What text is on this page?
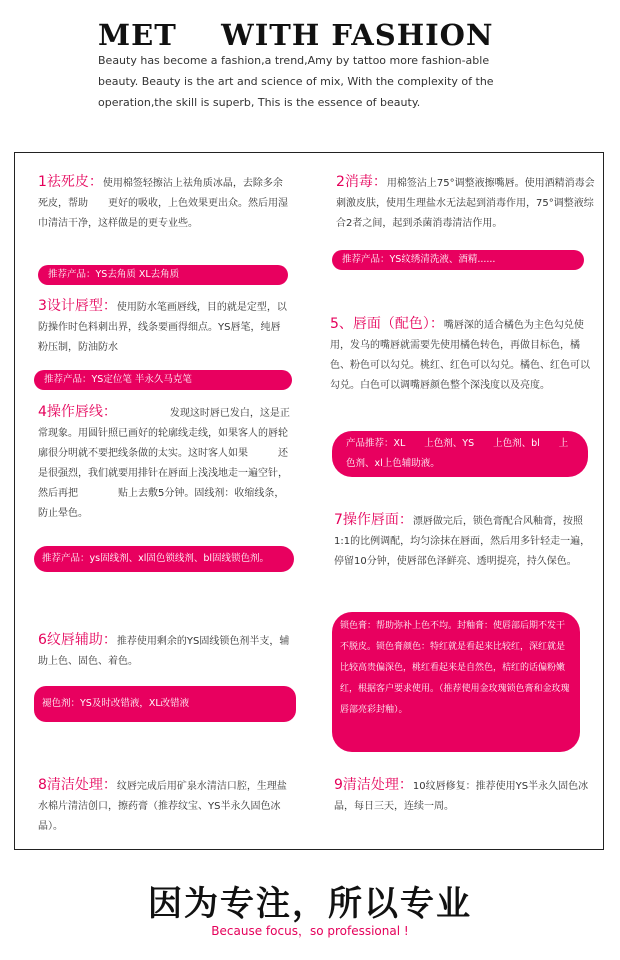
MET    WITH FASHION
Beauty has become a fashion,a trend,Amy by tattoo more fashion-able beauty. Beauty is the art and science of mix, With the complexity of the operation,the skill is superb, This is the essence of beauty.
1祛死皮：使用棉签轻擦沾上祛角质冰晶，去除多余死皮，帮助　　更好的吸收，上色效果更出众。然后用湿巾清洁干净，这样做是的更专业些。
推荐产品：YS去角质 XL去角质
3设计唇型：使用防水笔画唇线，目的就是定型，以防操作时色料刺出界，线条要画得细点。YS唇笔，纯唇粉压制，防油防水
推荐产品：YS定位笔 半永久马克笔
4操作唇线：　　　　　　发现这时唇已发白，这是正常现象。用圆针照已画好的轮廓线走线，如果客人的唇轮廓很分明就不要把线条做的太实。这时客人如果　　　还是很强烈，我们就要用排针在唇面上浅浅地走一遍空针，然后再把　　　　贴上去敷5分钟。固线剂：收缩线条，防止晕色。
推荐产品：ys固线剂、xl固色锁线剂、bl固线锁色剂。
6纹唇辅助：推荐使用剩余的YS固线锁色剂半支，辅助上色、固色、着色。
褪色剂：YS及时改错液，XL改错液
8清洁处理：纹唇完成后用矿泉水清洁口腔，生理盐水棉片清洁创口，擦药膏（推荐纹宝、YS半永久固色冰晶）。
2消毒：用棉签沾上75°调整液擦嘴唇。使用酒精消毒会刺激皮肤，使用生理盐水无法起到消毒作用，75°调整液综合2者之间，起到杀菌消毒清洁作用。
推荐产品：YS纹绣清洗液、酒精......
5、唇面（配色）：嘴唇深的适合橘色为主色勾兑使用，发乌的嘴唇就需要先使用橘色转色，再做目标色，橘色、粉色可以勾兑。桃红、红色可以勾兑。橘色、红色可以勾兑。白色可以调嘴唇颜色整个深浅度以及亮度。
产品推荐：XL　　上色剂、YS　　上色剂、bl　　上色剂、xl上色辅助液。
7操作唇面：漂唇做完后，锁色膏配合风釉膏，按照1:1的比例调配，均匀涂抹在唇面，然后用多针轻走一遍，停留10分钟，使唇部色泽鲜亮、透明提亮，持久保色。
锁色膏：帮助弥补上色不均。封釉膏：使唇部后期不发干不脱皮。锁色膏颜色：特红就是看起来比较红，深红就是比较高贵偏深色，桃红看起来是自然色，桔红的话偏粉嫩红，根据客户要求使用。（推荐使用金玫瑰锁色膏和金玫瑰唇部亮彩封釉）。
9清洁处理：10纹唇修复：推荐使用YS半永久固色冰晶，每日三天，连续一周。
因为专注，所以专业
Because focus，so professional !
